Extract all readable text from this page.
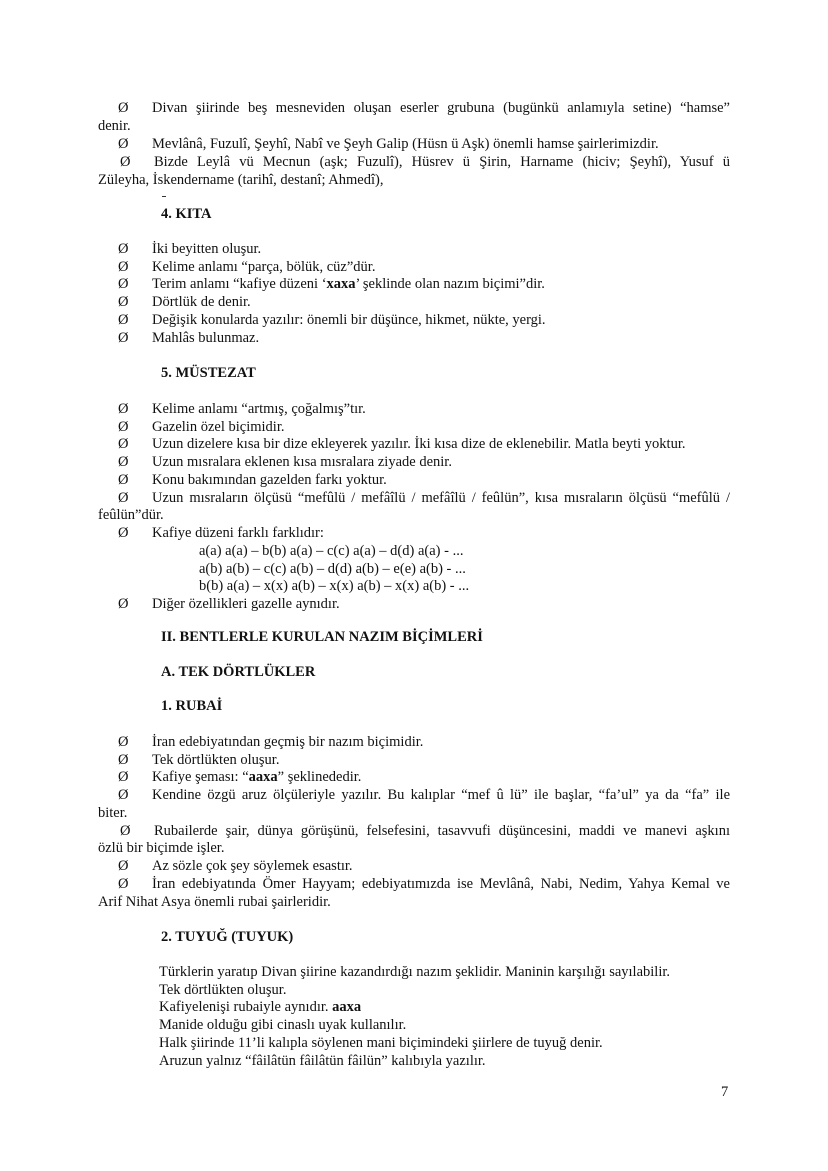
Ø Divan şiirinde beş mesneviden oluşan eserler grubuna (bugünkü anlamıyla setine) “hamse”
denir.
Ø Mevlânâ, Fuzulî, Şeyhî, Nabî ve Şeyh Galip (Hüsn ü Aşk) önemli hamse şairlerimizdir.
Ø Bizde Leylâ vü Mecnun (aşk; Fuzulî), Hüsrev ü Şirin, Harname (hiciv; Şeyhî), Yusuf ü
Züleyha, İskendername (tarihî, destanî; Ahmedî),
4. KITA
Ø İki beyitten oluşur.
Ø Kelime anlamı “parça, bölük, cüz”dür.
Ø Terim anlamı “kafiye düzeni ‘xaxa’ şeklinde olan nazım biçimi”dir.
Ø Dörtlük de denir.
Ø Değişik konularda yazılır: önemli bir düşünce, hikmet, nükte, yergi.
Ø Mahlâs bulunmaz.
5. MÜSTEZAT
Ø Kelime anlamı “artmış, çoğalmış”tır.
Ø Gazelin özel biçimidir.
Ø Uzun dizelere kısa bir dize ekleyerek yazılır. İki kısa dize de eklenebilir. Matla beyti yoktur.
Ø Uzun mısralara eklenen kısa mısralara ziyade denir.
Ø Konu bakımından gazelden farkı yoktur.
Ø Uzun mısraların ölçüsü “mefûlü / mefâîlü / mefâîlü / feûlün”, kısa mısraların ölçüsü “mefûlü /
feûlün”dür.
Ø Kafiye düzeni farklı farklıdır:
a(a) a(a) – b(b) a(a) – c(c) a(a) – d(d) a(a) - ...
a(b) a(b) – c(c) a(b) – d(d) a(b) – e(e) a(b) - ...
b(b) a(a) – x(x) a(b) – x(x) a(b) – x(x) a(b) - ...
Ø Diğer özellikleri gazelle aynıdır.
II. BENTLERLE KURULAN NAZIM BİÇİMLERİ
A. TEK DÖRTLÜKLER
1. RUBAİ
Ø İran edebiyatından geçmiş bir nazım biçimidir.
Ø Tek dörtlükten oluşur.
Ø Kafiye şeması: “aaxa” şeklinededir.
Ø Kendine özgü aruz ölçüleriyle yazılır. Bu kalıplar “mef û lü” ile başlar, “fa’ul” ya da “fa” ile
biter.
Ø Rubailerde şair, dünya görüşünü, felsefesini, tasavvufi düşüncesini, maddi ve manevi aşkını
özlü bir biçimde işler.
Ø Az sözle çok şey söylemek esastır.
Ø İran edebiyatında Ömer Hayyam; edebiyatımızda ise Mevlânâ, Nabi, Nedim, Yahya Kemal ve
Arif Nihat Asya önemli rubai şairleridir.
2. TUYUĞ (TUYUK)
Türklerin yaratıp Divan şiirine kazandırdığı nazım şeklidir. Maninin karşılığı sayılabilir.
Tek dörtlükten oluşur.
Kafiyelenişi rubaiyle aynıdır. aaxa
Manide olduğu gibi cinaslı uyak kullanılır.
Halk şiirinde 11’li kalıpla söylenen mani biçimindeki şiirlere de tuyuğ denir.
Aruzun yalnız “fâilâtün fâilâtün fâilün” kalıbıyla yazılır.
7
